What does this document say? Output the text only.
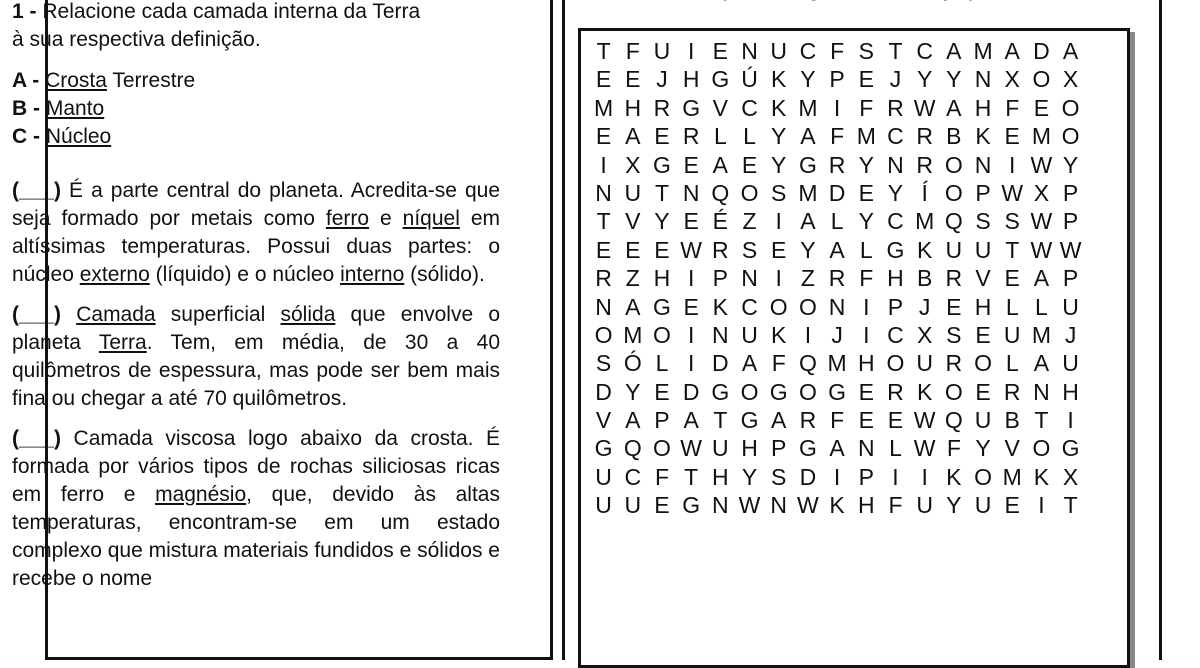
1 - Relacione cada camada interna da Terra
à sua respectiva definição.
A - Crosta Terrestre
B - Manto
C - Núcleo
(___) É a parte central do planeta. Acredita-se que seja formado por metais como ferro e níquel em altíssimas temperaturas. Possui duas partes: o núcleo externo (líquido) e o núcleo interno (sólido).
(___) Camada superficial sólida que envolve o planeta Terra. Tem, em média, de 30 a 40 quilômetros de espessura, mas pode ser bem mais fina ou chegar a até 70 quilômetros.
(___) Camada viscosa logo abaixo da crosta. É formada por vários tipos de rochas siliciosas ricas em ferro e magnésio, que, devido às altas temperaturas, encontram-se em um estado complexo que mistura materiais fundidos e sólidos e recebe o nome
T F U I E N U C F S T C A M A D A
E E J H G Ú K Y P E J Y Y N X O X
M H R G V C K M I F R W A H F E O
E A E R L L Y A F M C R B K E M O
I X G E A E Y G R Y N R O N I W Y
N U T N Q O S M D E Y Í O P W X P
T V Y E É Z I A L Y C M Q S S W P
E E E W R S E Y A L G K U U T W W
R Z H I P N I Z R F H B R V E A P
N A G E K C O O N I P J E H L L U
O M O I N U K I J I C X S E U M J
S Ó L I D A F Q M H O U R O L A U
D Y E D G O G O G E R K O E R N H
V A P A T G A R F E E W Q U B T I
G Q O W U H P G A N L W F Y V O G
U C F T H Y S D I P I I K O M K X
U U E G N W N W K H F U Y U E I T
